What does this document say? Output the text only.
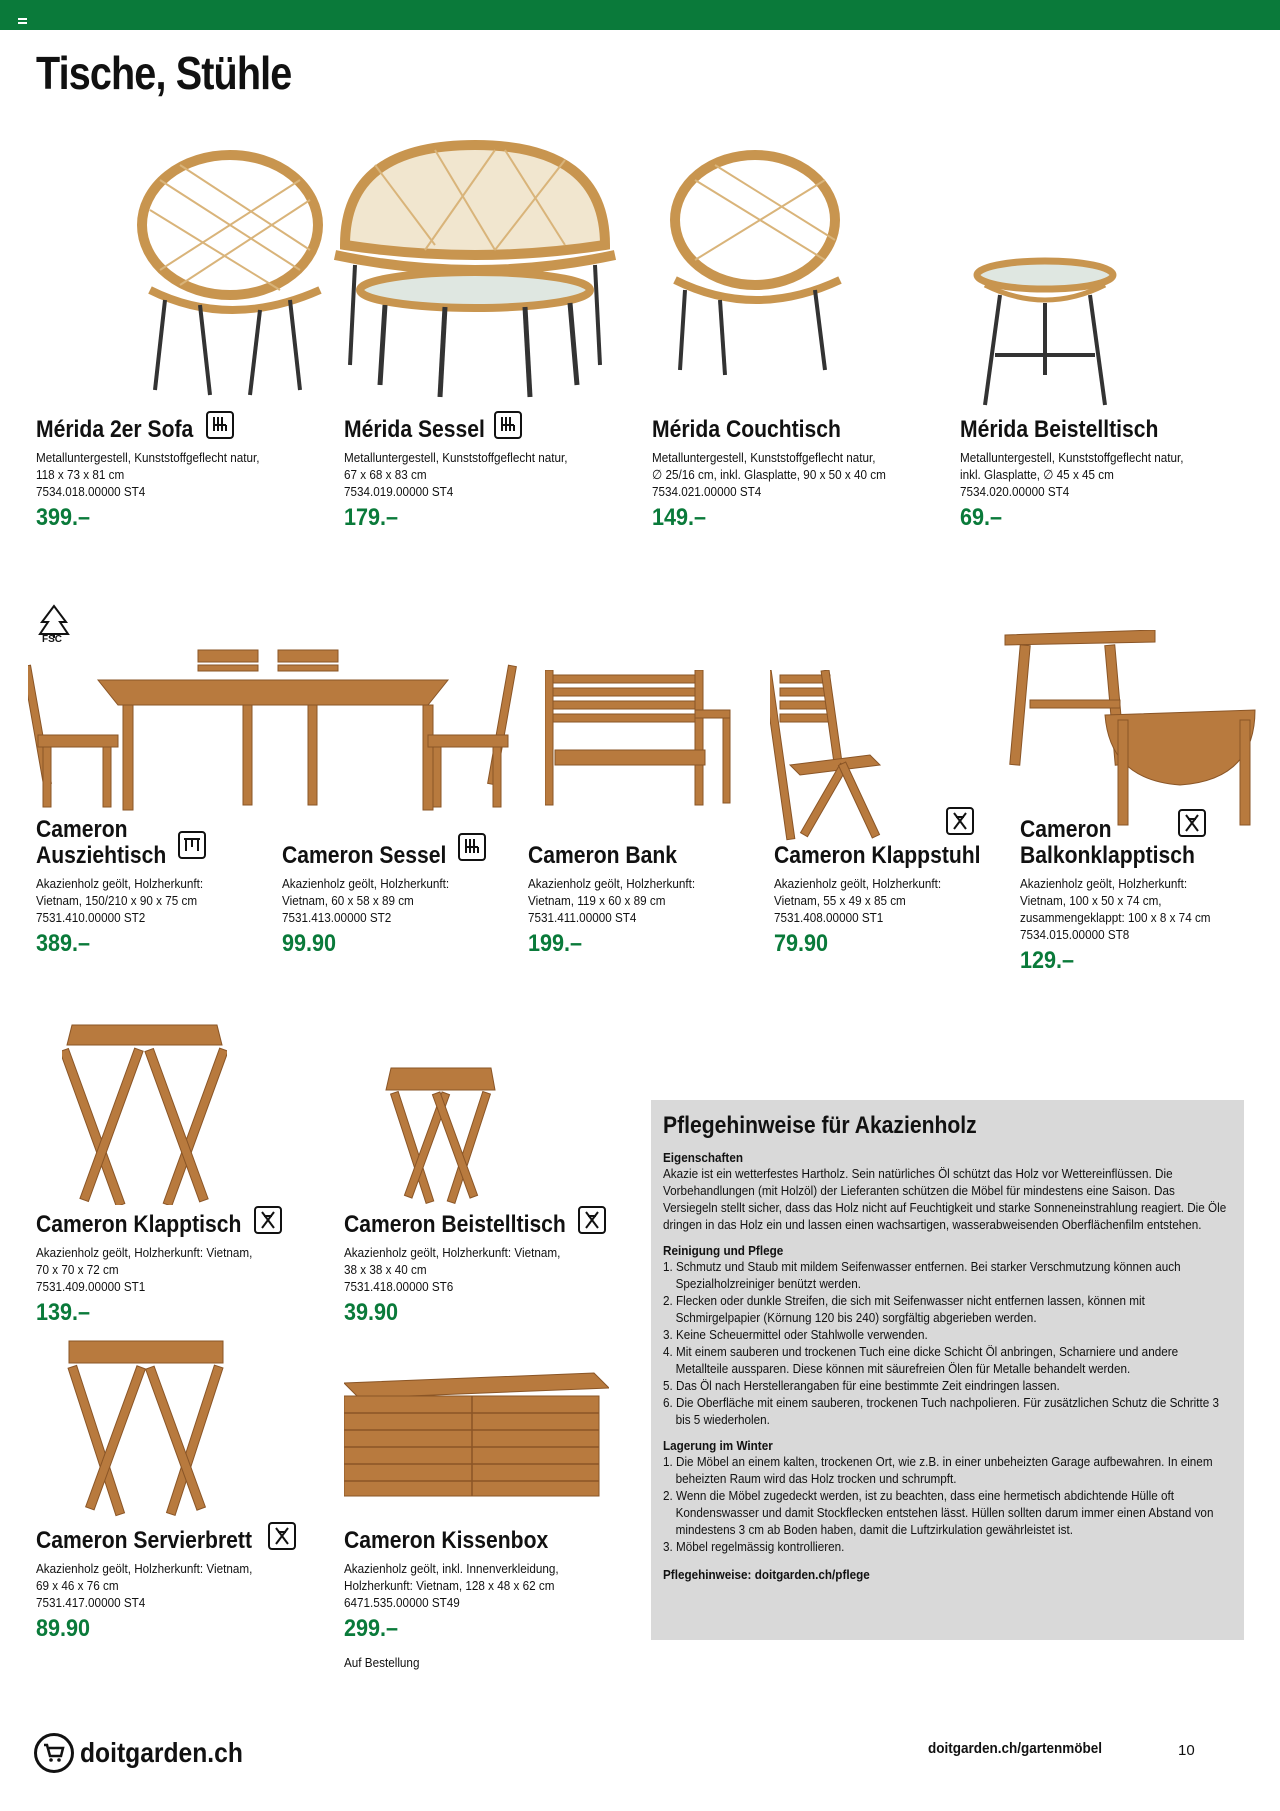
Tische, Stühle
Mérida 2er Sofa
Metalluntergestell, Kunststoffgeflecht natur,
118 x 73 x 81 cm
7534.018.00000 ST4
399.–
Mérida Sessel
Metalluntergestell, Kunststoffgeflecht natur,
67 x 68 x 83 cm
7534.019.00000 ST4
179.–
Mérida Couchtisch
Metalluntergestell, Kunststoffgeflecht natur,
∅ 25/16 cm, inkl. Glasplatte, 90 x 50 x 40 cm
7534.021.00000 ST4
149.–
Mérida Beistelltisch
Metalluntergestell, Kunststoffgeflecht natur,
inkl. Glasplatte, ∅ 45 x 45 cm
7534.020.00000 ST4
69.–
FSC
Cameron
Ausziehtisch
Akazienholz geölt, Holzherkunft:
Vietnam, 150/210 x 90 x 75 cm
7531.410.00000 ST2
389.–
Cameron Sessel
Akazienholz geölt, Holzherkunft:
Vietnam, 60 x 58 x 89 cm
7531.413.00000 ST2
99.90
Cameron Bank
Akazienholz geölt, Holzherkunft:
Vietnam, 119 x 60 x 89 cm
7531.411.00000 ST4
199.–
Cameron Klappstuhl
Akazienholz geölt, Holzherkunft:
Vietnam, 55 x 49 x 85 cm
7531.408.00000 ST1
79.90
Cameron
Balkonklapptisch
Akazienholz geölt, Holzherkunft:
Vietnam, 100 x 50 x 74 cm,
zusammengeklappt: 100 x 8 x 74 cm
7534.015.00000 ST8
129.–
Cameron Klapptisch
Akazienholz geölt, Holzherkunft: Vietnam,
70 x 70 x 72 cm
7531.409.00000 ST1
139.–
Cameron Beistelltisch
Akazienholz geölt, Holzherkunft: Vietnam,
38 x 38 x 40 cm
7531.418.00000 ST6
39.90
Cameron Servierbrett
Akazienholz geölt, Holzherkunft: Vietnam,
69 x 46 x 76 cm
7531.417.00000 ST4
89.90
Cameron Kissenbox
Akazienholz geölt, inkl. Innenverkleidung,
Holzherkunft: Vietnam, 128 x 48 x 62 cm
6471.535.00000 ST49
299.–
Auf Bestellung
Pflegehinweise für Akazienholz
Eigenschaften

Akazie ist ein wetterfestes Hartholz. Sein natürliches Öl schützt das Holz vor Wettereinflüssen. Die Vorbehandlungen (mit Holzöl) der Lieferanten schützen die Möbel für mindestens eine Saison. Das Versiegeln stellt sicher, dass das Holz nicht auf Feuchtigkeit und starke Sonneneinstrahlung reagiert. Die Öle dringen in das Holz ein und lassen einen wachsartigen, wasserabweisenden Oberflächenfilm entstehen.

Reinigung und Pflege
1. Schmutz und Staub mit mildem Seifenwasser entfernen. Bei starker Verschmutzung können auch Spezialholzreiniger benützt werden.
2. Flecken oder dunkle Streifen, die sich mit Seifenwasser nicht entfernen lassen, können mit Schmirgelpapier (Körnung 120 bis 240) sorgfältig abgerieben werden.
3. Keine Scheuermittel oder Stahlwolle verwenden.
4. Mit einem sauberen und trockenen Tuch eine dicke Schicht Öl anbringen, Scharniere und andere Metallteile aussparen. Diese können mit säurefreien Ölen für Metalle behandelt werden.
5. Das Öl nach Herstellerangaben für eine bestimmte Zeit eindringen lassen.
6. Die Oberfläche mit einem sauberen, trockenen Tuch nachpolieren. Für zusätzlichen Schutz die Schritte 3 bis 5 wiederholen.
Lagerung im Winter
1. Die Möbel an einem kalten, trockenen Ort, wie z.B. in einer unbeheizten Garage aufbewahren. In einem beheizten Raum wird das Holz trocken und schrumpft.
2. Wenn die Möbel zugedeckt werden, ist zu beachten, dass eine hermetisch abdichtende Hülle oft Kondenswasser und damit Stockflecken entstehen lässt. Hüllen sollten darum immer einen Abstand von mindestens 3 cm ab Boden haben, damit die Luftzirkulation gewährleistet ist.
3. Möbel regelmässig kontrollieren.
Pflegehinweise: doitgarden.ch/pflege
doitgarden.ch	doitgarden.ch/gartenmöbel	10
